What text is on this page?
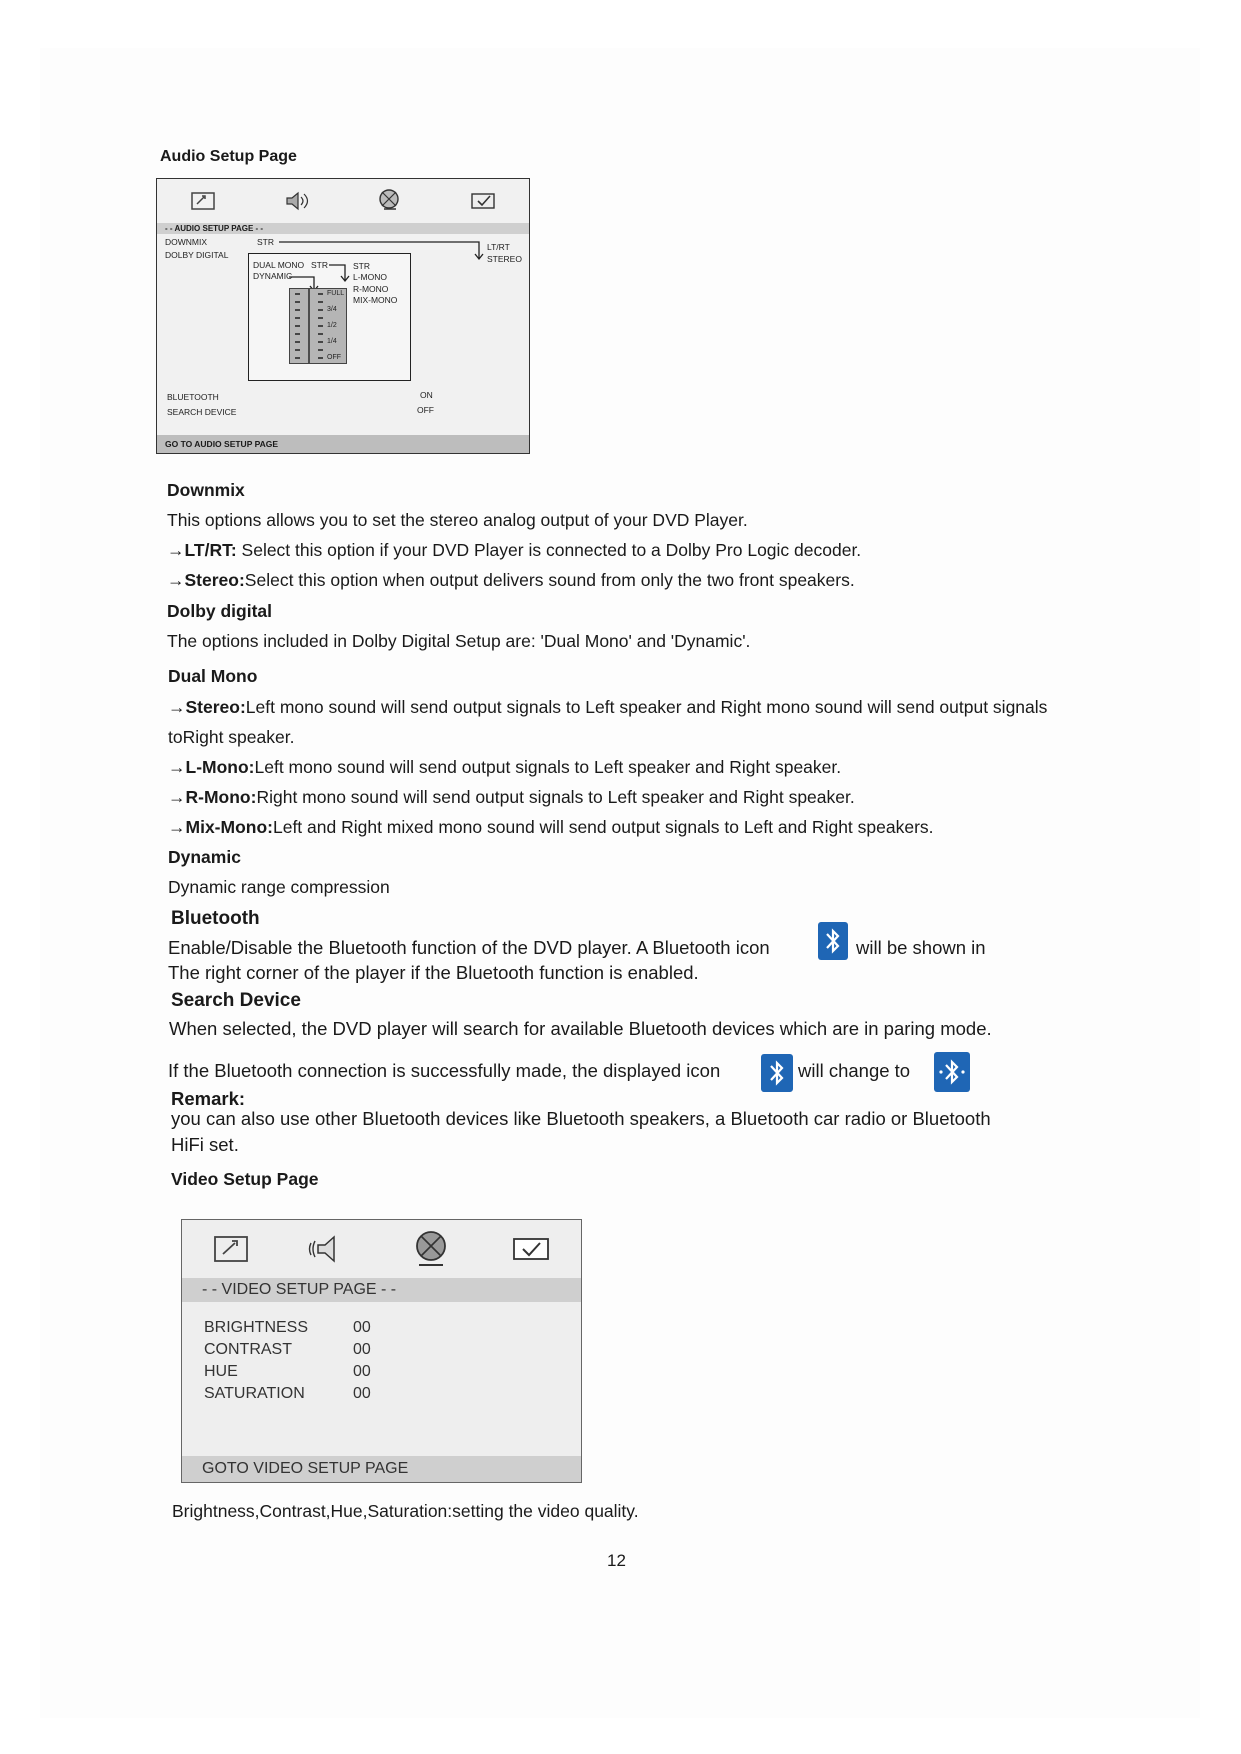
Audio Setup Page
- - AUDIO SETUP PAGE - -
DOWNMIX	STR	LT/RT
STEREO
DOLBY DIGITAL
DUAL MONO STR
DYNAMIC
STR
L-MONO
R-MONO
MIX-MONO
FULL
3/4
1/2
1/4
OFF
BLUETOOTH	ON
SEARCH DEVICE	OFF
GO TO AUDIO SETUP PAGE
Downmix
This options allows you to set the stereo analog output of your DVD Player.
→LT/RT: Select this option if your DVD Player is connected to a Dolby Pro Logic decoder.
→Stereo:Select this option when output delivers sound from only the two front speakers.
Dolby digital
The options included in Dolby Digital Setup are: 'Dual Mono' and 'Dynamic'.
Dual Mono
→Stereo:Left mono sound will send output signals to Left speaker and Right mono sound will send output signals
toRight speaker.
→L-Mono:Left mono sound will send output signals to Left speaker and Right speaker.
→R-Mono:Right mono sound will send output signals to Left speaker and Right speaker.
→Mix-Mono:Left and Right mixed mono sound will send output signals to Left and Right speakers.
Dynamic
Dynamic range compression
Bluetooth
Enable/Disable the Bluetooth function of the DVD player. A Bluetooth icon	will be shown in
The right corner of the player if the Bluetooth function is enabled.
Search Device
When selected, the DVD player will search for available Bluetooth devices which are in paring mode.
If the Bluetooth connection is successfully made, the displayed icon	will change to
Remark:
you can also use other Bluetooth devices like Bluetooth speakers, a Bluetooth car radio or Bluetooth
HiFi set.
Video Setup Page
- - VIDEO SETUP PAGE - -
BRIGHTNESS	00
CONTRAST	00
HUE	00
SATURATION	00
GOTO VIDEO SETUP PAGE
Brightness,Contrast,Hue,Saturation:setting the video quality.
12
